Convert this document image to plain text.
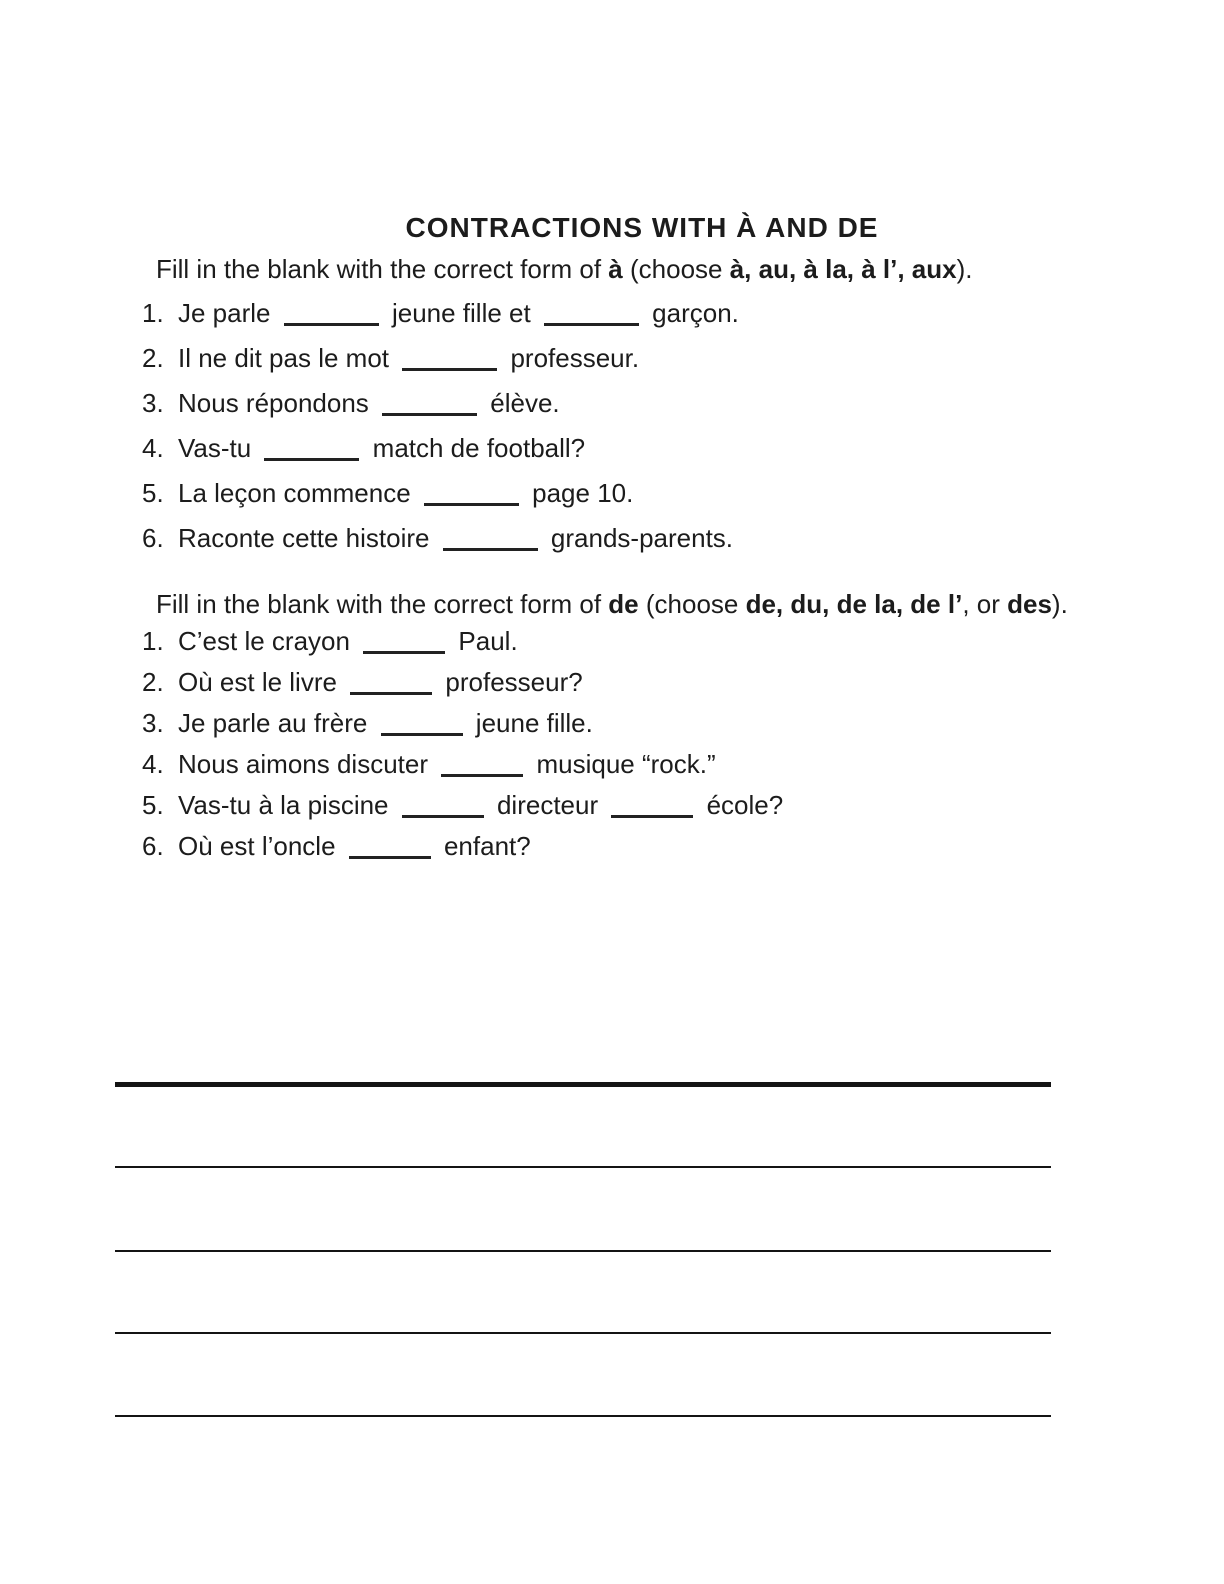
CONTRACTIONS WITH À AND DE
Fill in the blank with the correct form of à (choose à, au, à la, à l’, aux).
1. Je parle	jeune fille et	garçon.
2. Il ne dit pas le mot	professeur.
3. Nous répondons	élève.
4. Vas-tu	match de football?
5. La leçon commence	page 10.
6. Raconte cette histoire	grands-parents.
Fill in the blank with the correct form of de (choose de, du, de la, de l’, or des).
1. C’est le crayon	Paul.
2. Où est le livre	professeur?
3. Je parle au frère	jeune fille.
4. Nous aimons discuter	musique “rock.”
5. Vas-tu à la piscine	directeur	école?
6. Où est l’oncle	enfant?
